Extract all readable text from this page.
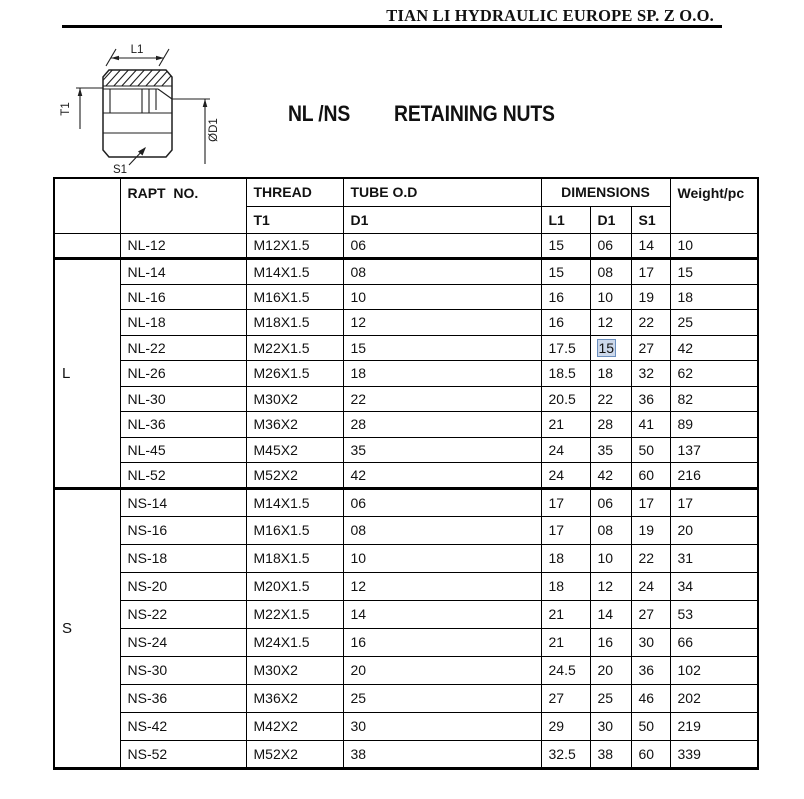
TIAN LI HYDRAULIC EUROPE SP. Z O.O.
L1
T1
ØD1
S1
NL /NS RETAINING NUTS
	RAPT  NO.	THREAD	TUBE O.D	DIMENSIONS			Weight/pc
		T1	D1	L1	D1	S1	
	NL-12	M12X1.5	06	15	06	14	10
L	NL-14	M14X1.5	08	15	08	17	15
	NL-16	M16X1.5	10	16	10	19	18
	NL-18	M18X1.5	12	16	12	22	25
	NL-22	M22X1.5	15	17.5	15	27	42
	NL-26	M26X1.5	18	18.5	18	32	62
	NL-30	M30X2	22	20.5	22	36	82
	NL-36	M36X2	28	21	28	41	89
	NL-45	M45X2	35	24	35	50	137
	NL-52	M52X2	42	24	42	60	216
S	NS-14	M14X1.5	06	17	06	17	17
	NS-16	M16X1.5	08	17	08	19	20
	NS-18	M18X1.5	10	18	10	22	31
	NS-20	M20X1.5	12	18	12	24	34
	NS-22	M22X1.5	14	21	14	27	53
	NS-24	M24X1.5	16	21	16	30	66
	NS-30	M30X2	20	24.5	20	36	102
	NS-36	M36X2	25	27	25	46	202
	NS-42	M42X2	30	29	30	50	219
	NS-52	M52X2	38	32.5	38	60	339
